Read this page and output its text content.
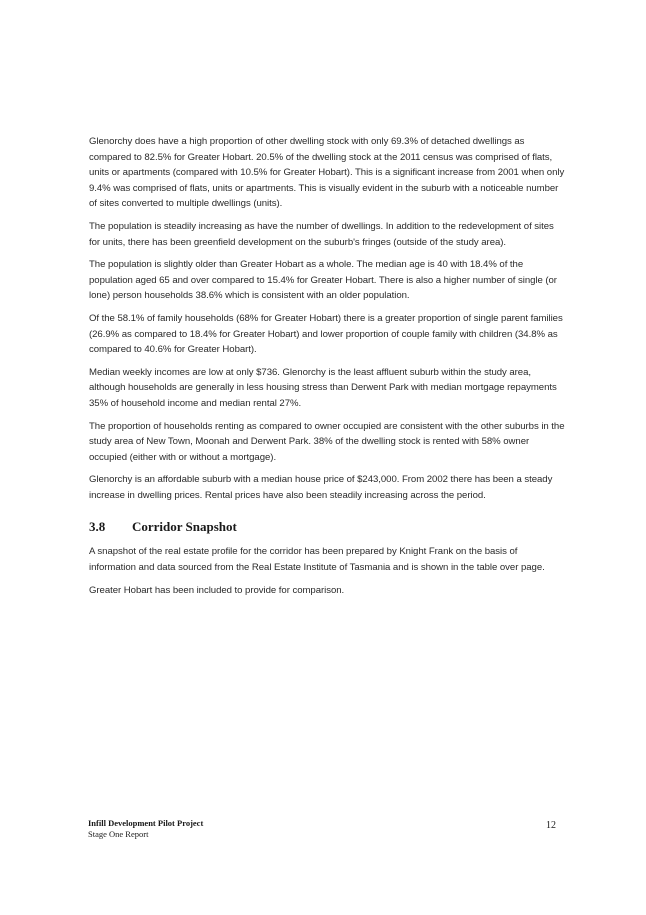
Glenorchy does have a high proportion of other dwelling stock with only 69.3% of detached dwellings as compared to 82.5% for Greater Hobart. 20.5% of the dwelling stock at the 2011 census was comprised of flats, units or apartments (compared with 10.5% for Greater Hobart). This is a significant increase from 2001 when only 9.4% was comprised of flats, units or apartments. This is visually evident in the suburb with a noticeable number of sites converted to multiple dwellings (units).

The population is steadily increasing as have the number of dwellings. In addition to the redevelopment of sites for units, there has been greenfield development on the suburb's fringes (outside of the study area).

The population is slightly older than Greater Hobart as a whole. The median age is 40 with 18.4% of the population aged 65 and over compared to 15.4% for Greater Hobart. There is also a higher number of single (or lone) person households 38.6% which is consistent with an older population.

Of the 58.1% of family households (68% for Greater Hobart) there is a greater proportion of single parent families (26.9% as compared to 18.4% for Greater Hobart) and lower proportion of couple family with children (34.8% as compared to 40.6% for Greater Hobart).

Median weekly incomes are low at only $736. Glenorchy is the least affluent suburb within the study area, although households are generally in less housing stress than Derwent Park with median mortgage repayments 35% of household income and median rental 27%.

The proportion of households renting as compared to owner occupied are consistent with the other suburbs in the study area of New Town, Moonah and Derwent Park. 38% of the dwelling stock is rented with 58% owner occupied (either with or without a mortgage).

Glenorchy is an affordable suburb with a median house price of $243,000. From 2002 there has been a steady increase in dwelling prices. Rental prices have also been steadily increasing across the period.

3.8	Corridor Snapshot

A snapshot of the real estate profile for the corridor has been prepared by Knight Frank on the basis of information and data sourced from the Real Estate Institute of Tasmania and is shown in the table over page.

Greater Hobart has been included to provide for comparison.

Infill Development Pilot Project
Stage One Report
12
